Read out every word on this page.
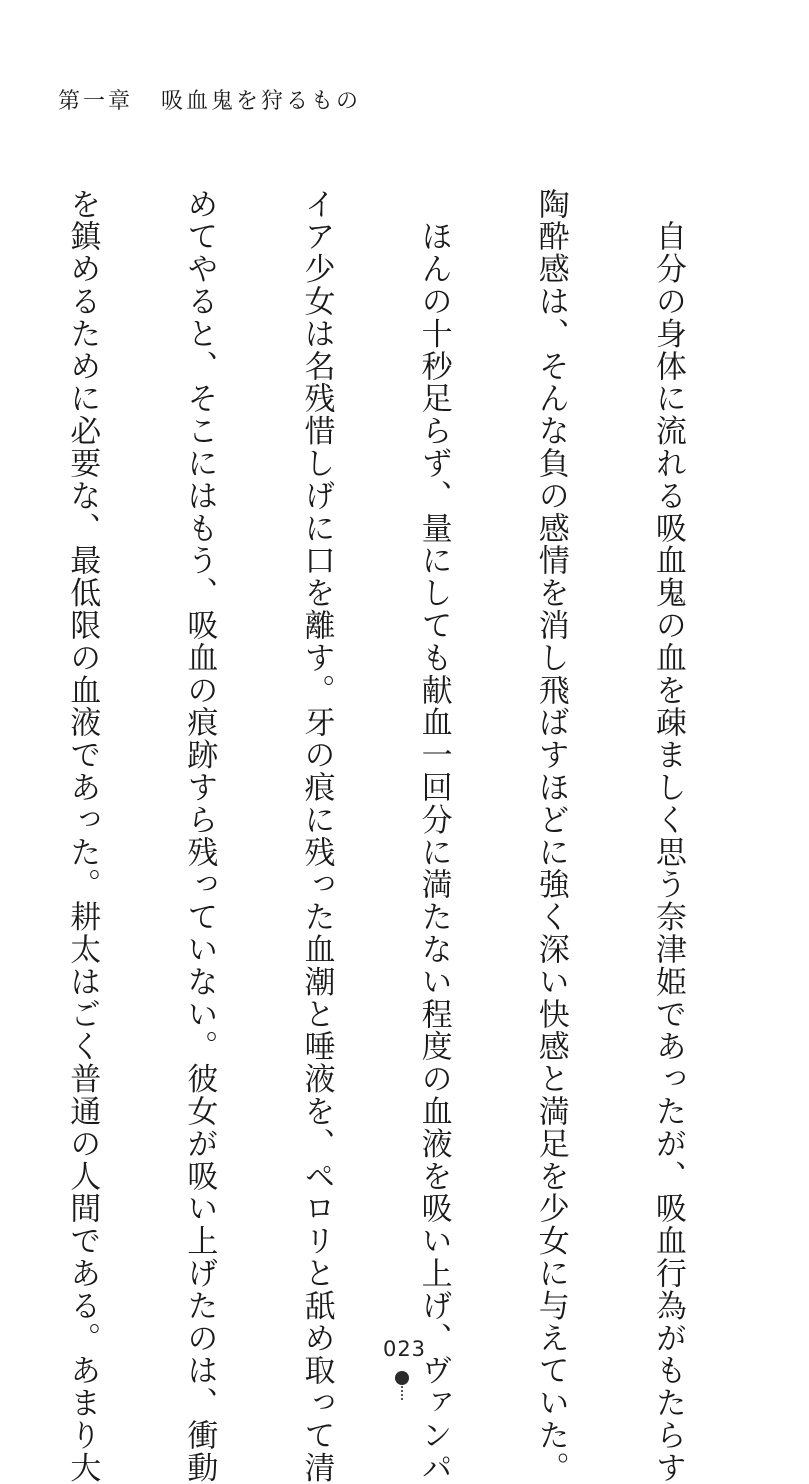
第一章 吸血鬼を狩るもの

　自分の身体に流れる吸血鬼の血を疎ましく思う奈津姫であったが、吸血行為がもたらす

陶酔感は、そんな負の感情を消し飛ばすほどに強く深い快感と満足を少女に与えていた。

　ほんの十秒足らず、量にしても献血一回分に満たない程度の血液を吸い上げ、ヴァンパ

イア少女は名残惜しげに口を離す。牙の痕に残った血潮と唾液を、ペロリと舐め取って清

めてやると、そこにはもう、吸血の痕跡すら残っていない。彼女が吸い上げたのは、衝動

を鎮めるために必要な、最低限の血液であった。耕太はごく普通の人間である。あまり大

	023
